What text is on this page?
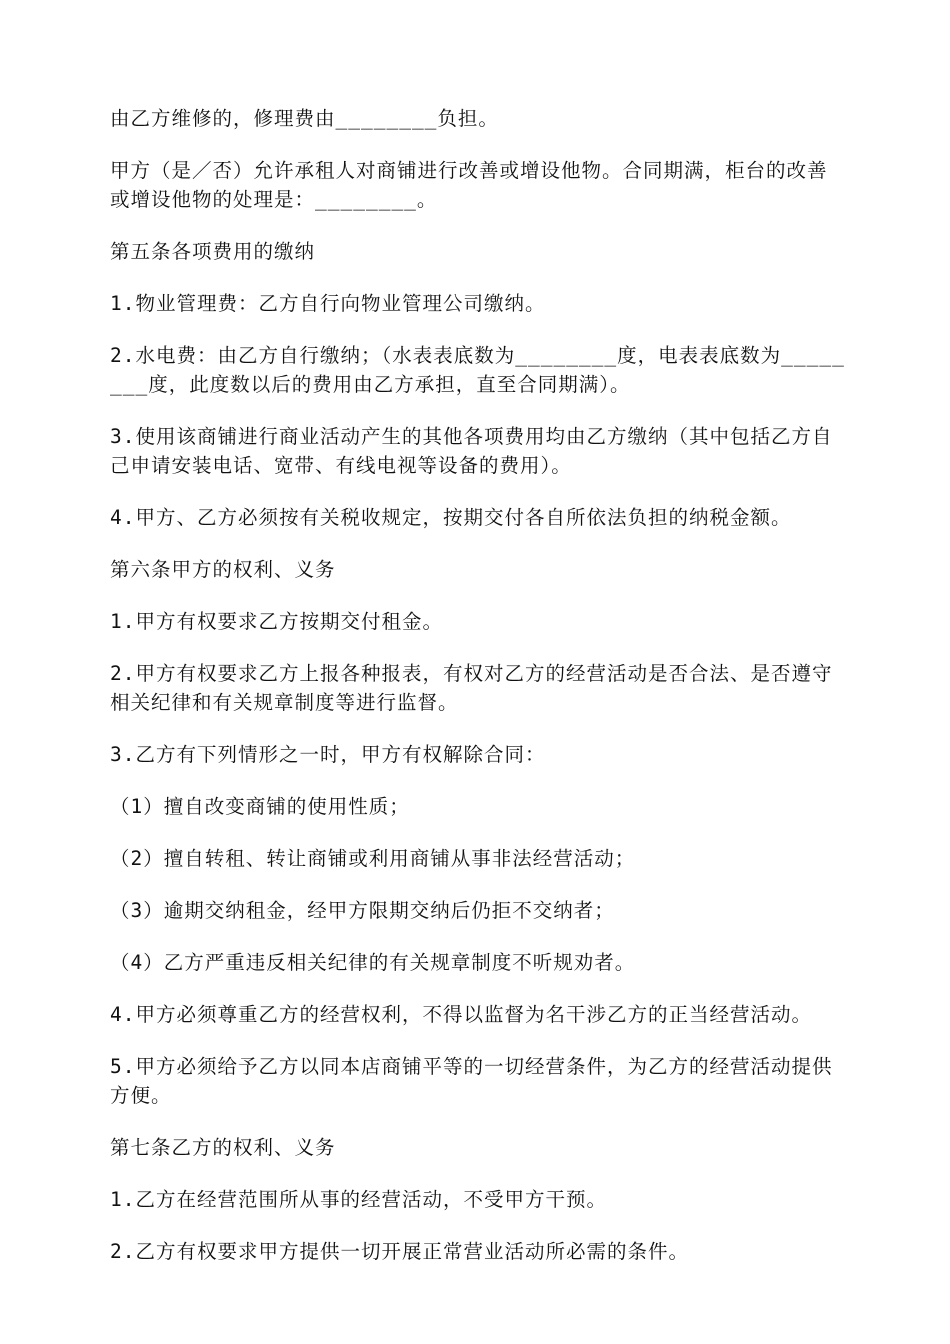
由乙方维修的，修理费由________负担。

甲方（是／否）允许承租人对商铺进行改善或增设他物。合同期满，柜台的改善或增设他物的处理是：________。

第五条各项费用的缴纳

1.物业管理费：乙方自行向物业管理公司缴纳。

2.水电费：由乙方自行缴纳；（水表表底数为________度，电表表底数为________度，此度数以后的费用由乙方承担，直至合同期满）。

3.使用该商铺进行商业活动产生的其他各项费用均由乙方缴纳（其中包括乙方自己申请安装电话、宽带、有线电视等设备的费用）。

4.甲方、乙方必须按有关税收规定，按期交付各自所依法负担的纳税金额。

第六条甲方的权利、义务

1.甲方有权要求乙方按期交付租金。

2.甲方有权要求乙方上报各种报表，有权对乙方的经营活动是否合法、是否遵守相关纪律和有关规章制度等进行监督。

3.乙方有下列情形之一时，甲方有权解除合同：

（1）擅自改变商铺的使用性质；

（2）擅自转租、转让商铺或利用商铺从事非法经营活动；

（3）逾期交纳租金，经甲方限期交纳后仍拒不交纳者；

（4）乙方严重违反相关纪律的有关规章制度不听规劝者。

4.甲方必须尊重乙方的经营权利，不得以监督为名干涉乙方的正当经营活动。

5.甲方必须给予乙方以同本店商铺平等的一切经营条件，为乙方的经营活动提供方便。

第七条乙方的权利、义务

1.乙方在经营范围所从事的经营活动，不受甲方干预。

2.乙方有权要求甲方提供一切开展正常营业活动所必需的条件。
